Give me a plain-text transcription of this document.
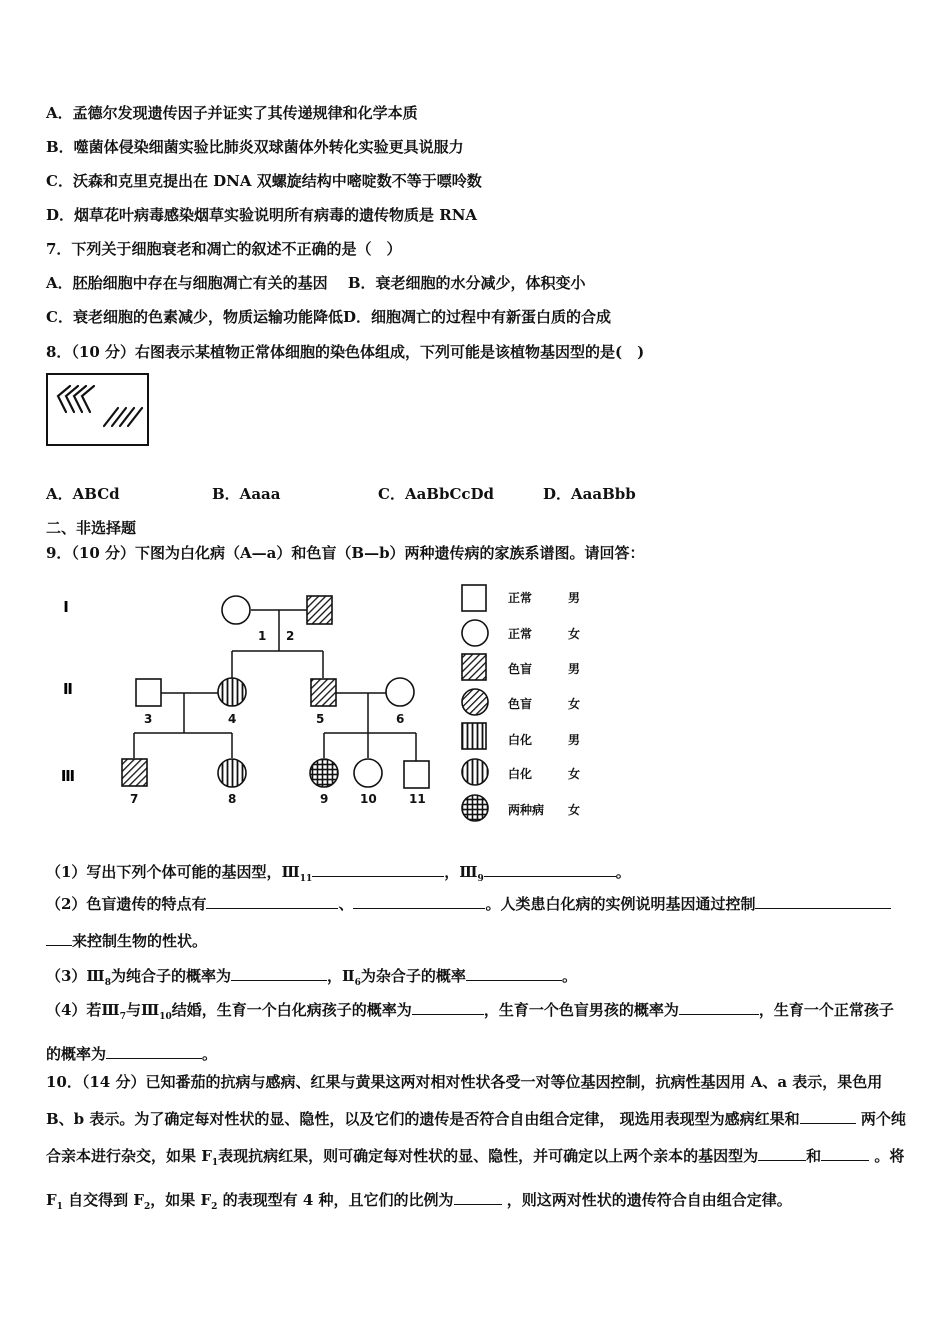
A．孟德尔发现遗传因子并证实了其传递规律和化学本质
B．噬菌体侵染细菌实验比肺炎双球菌体外转化实验更具说服力
C．沃森和克里克提出在 DNA 双螺旋结构中嘧啶数不等于嘌呤数
D．烟草花叶病毒感染烟草实验说明所有病毒的遗传物质是 RNA
7．下列关于细胞衰老和凋亡的叙述不正确的是（　）
A．胚胎细胞中存在与细胞凋亡有关的基因　 B．衰老细胞的水分减少，体积变小
C．衰老细胞的色素减少，物质运输功能降低D．细胞凋亡的过程中有新蛋白质的合成
8．（10 分）右图表示某植物正常体细胞的染色体组成，下列可能是该植物基因型的是(　)
A．ABCd	B．Aaaa	C．AaBbCcDd	D．AaaBbb
二、非选择题
9．（10 分）下图为白化病（A—a）和色盲（B—b）两种遗传病的家族系谱图。请回答：
Ⅰ
Ⅱ
Ⅲ
1 2
3	4	5	6
7	8	9	10	11
正常	男
正常	女
色盲	男
色盲	女
白化	男
白化	女
两种病 女
（1）写出下列个体可能的基因型，$Ⅲ_{11}$	，$Ⅲ_9$	。
（2）色盲遗传的特点有	、	。人类患白化病的实例说明基因通过控制来控制生物的性状。
$(3)Ⅲ_8$为纯合子的概率为	，$Ⅱ_6$为杂合子的概率	。
（4）若$Ⅲ_7$与$Ⅲ_{10}$结婚，生育一个白化病孩子的概率为	，生育一个色盲男孩的概率为	，生育一个正常孩子的概率为	。
10．（14 分）已知番茄的抗病与感病、红果与黄果这两对相对性状各受一对等位基因控制，抗病性基因用 A、a 表示，果色用 B、b 表示。为了确定每对性状的显、隐性，以及它们的遗传是否符合自由组合定律， 现选用表现型为感病红果和	两个纯合亲本进行杂交，如果 $F_1$表现抗病红果，则可确定每对性状的显、隐性，并可确定以上两个亲本的基因型为	和	。将 $F_1$ 自交得到 $F_2$，如果 $F_2$ 的表现型有 4 种，且它们的比例为	，则这两对性状的遗传符合自由组合定律。
